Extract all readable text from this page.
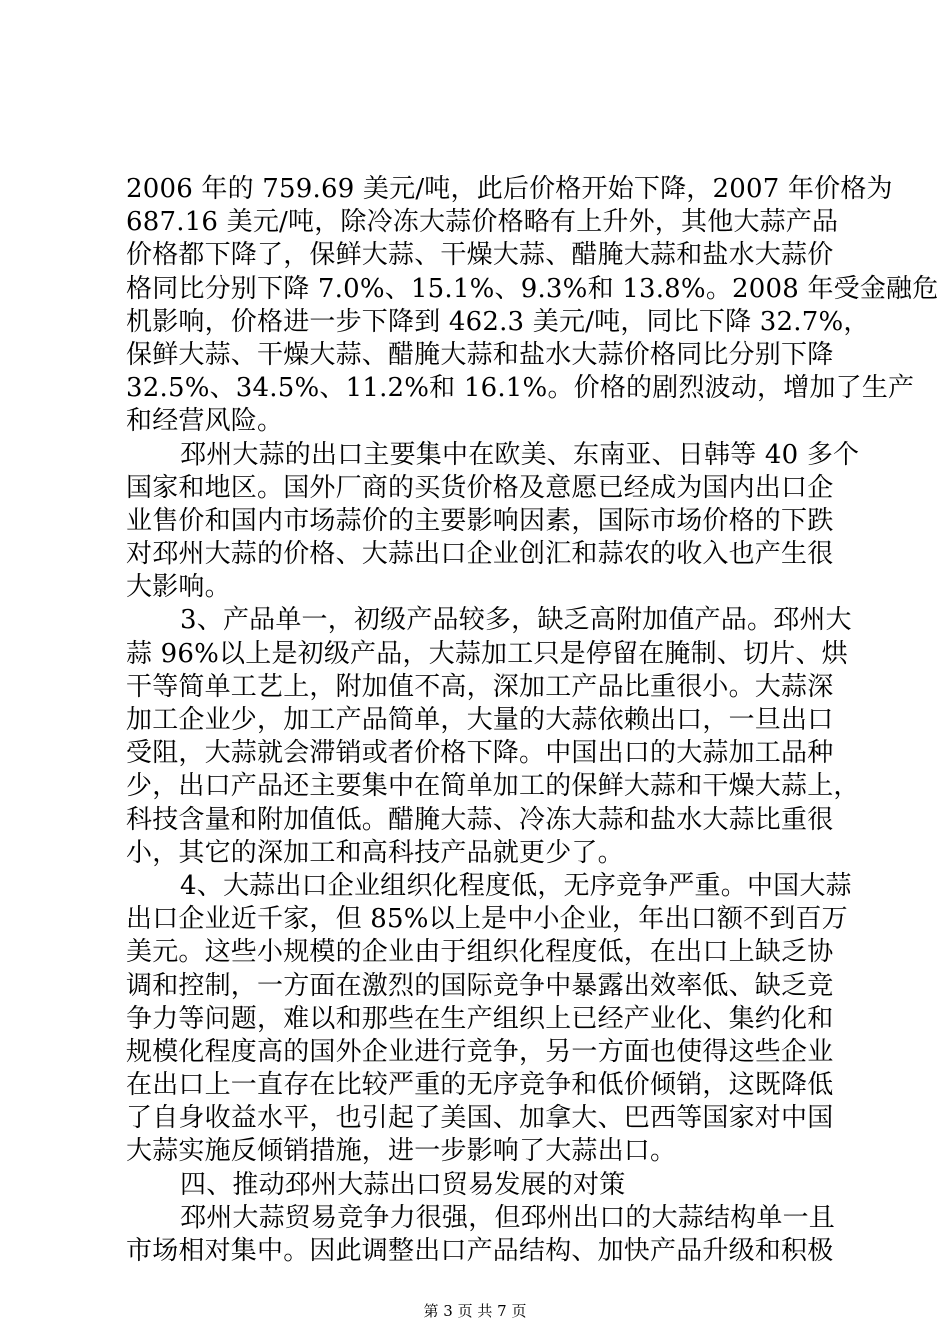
2006 年的 759.69 美元/吨，此后价格开始下降，2007 年价格为
687.16 美元/吨，除冷冻大蒜价格略有上升外，其他大蒜产品
价格都下降了，保鲜大蒜、干燥大蒜、醋腌大蒜和盐水大蒜价
格同比分别下降 7.0%、15.1%、9.3%和 13.8%。2008 年受金融危
机影响，价格进一步下降到 462.3 美元/吨，同比下降 32.7%，
保鲜大蒜、干燥大蒜、醋腌大蒜和盐水大蒜价格同比分别下降
32.5%、34.5%、11.2%和 16.1%。价格的剧烈波动，增加了生产
和经营风险。
邳州大蒜的出口主要集中在欧美、东南亚、日韩等 40 多个
国家和地区。国外厂商的买货价格及意愿已经成为国内出口企
业售价和国内市场蒜价的主要影响因素，国际市场价格的下跌
对邳州大蒜的价格、大蒜出口企业创汇和蒜农的收入也产生很
大影响。
3、产品单一，初级产品较多，缺乏高附加值产品。邳州大
蒜 96%以上是初级产品，大蒜加工只是停留在腌制、切片、烘
干等简单工艺上，附加值不高，深加工产品比重很小。大蒜深
加工企业少，加工产品简单，大量的大蒜依赖出口，一旦出口
受阻，大蒜就会滞销或者价格下降。中国出口的大蒜加工品种
少，出口产品还主要集中在简单加工的保鲜大蒜和干燥大蒜上，
科技含量和附加值低。醋腌大蒜、冷冻大蒜和盐水大蒜比重很
小，其它的深加工和高科技产品就更少了。
4、大蒜出口企业组织化程度低，无序竞争严重。中国大蒜
出口企业近千家，但 85%以上是中小企业，年出口额不到百万
美元。这些小规模的企业由于组织化程度低，在出口上缺乏协
调和控制，一方面在激烈的国际竞争中暴露出效率低、缺乏竞
争力等问题，难以和那些在生产组织上已经产业化、集约化和
规模化程度高的国外企业进行竞争，另一方面也使得这些企业
在出口上一直存在比较严重的无序竞争和低价倾销，这既降低
了自身收益水平，也引起了美国、加拿大、巴西等国家对中国
大蒜实施反倾销措施，进一步影响了大蒜出口。
四、推动邳州大蒜出口贸易发展的对策
邳州大蒜贸易竞争力很强，但邳州出口的大蒜结构单一且
市场相对集中。因此调整出口产品结构、加快产品升级和积极
第 3 页 共 7 页
